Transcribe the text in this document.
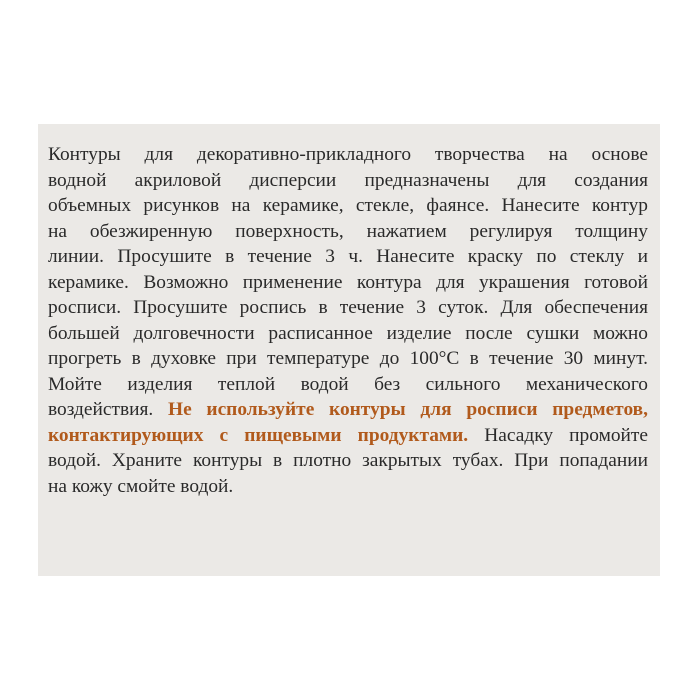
Контуры для декоративно-прикладного творчества на основе
водной акриловой дисперсии предназначены для создания
объемных рисунков на керамике, стекле, фаянсе. Нанесите контур
на обезжиренную поверхность, нажатием регулируя толщину
линии. Просушите в течение 3 ч. Нанесите краску по стеклу и
керамике. Возможно применение контура для украшения готовой
росписи. Просушите роспись в течение 3 суток. Для обеспечения
большей долговечности расписанное изделие после сушки можно
прогреть в духовке при температуре до 100°С в течение 30 минут.
Мойте изделия теплой водой без сильного механического
воздействия. Не используйте контуры для росписи предметов,
контактирующих с пищевыми продуктами. Насадку промойте
водой. Храните контуры в плотно закрытых тубах. При попадании
на кожу смойте водой.
